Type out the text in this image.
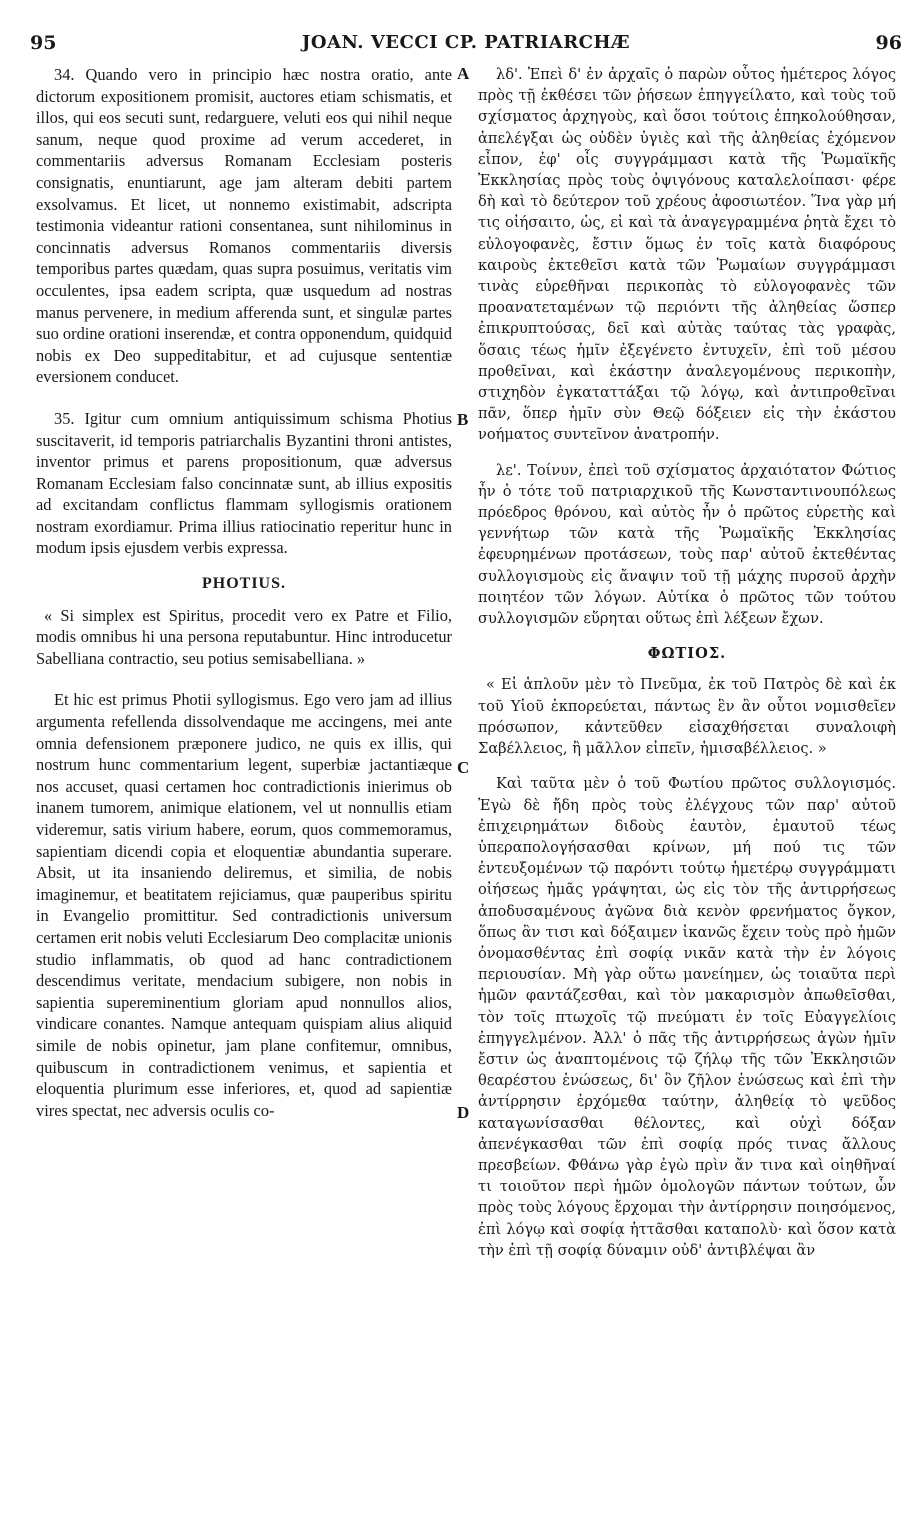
95	JOAN. VECCI CP. PATRIARCHÆ	96

34. Quando vero in principio hæc nostra oratio, ante dictorum expositionem promisit, auctores etiam schismatis, et illos, qui eos secuti sunt, redarguere, veluti eos qui nihil neque sanum, neque quod proxime ad verum accederet, in commentariis adversus Romanam Ecclesiam posteris consignatis, enuntiarunt, age jam alteram debiti partem exsolvamus. Et licet, ut nonnemo existimabit, adscripta testimonia videantur rationi consentanea, sunt nihilominus in concinnatis adversus Romanos commentariis diversis temporibus partes quædam, quas supra posuimus, veritatis vim occulentes, ipsa eadem scripta, quæ usquedum ad nostras manus pervenere, in medium afferenda sunt, et singulæ partes suo ordine orationi inserendæ, et contra opponendum, quidquid nobis ex Deo suppeditabitur, et ad cujusque sententiæ eversionem conducet.

35. Igitur cum omnium antiquissimum schisma Photius suscitaverit, id temporis patriarchalis Byzantini throni antistes, inventor primus et parens propositionum, quæ adversus Romanam Ecclesiam falso concinnatæ sunt, ab illius expositis ad excitandam conflictus flammam syllogismis orationem nostram exordiamur. Prima illius ratiocinatio reperitur hunc in modum ipsis ejusdem verbis expressa.

PHOTIUS.

« Si simplex est Spiritus, procedit vero ex Patre et Filio, modis omnibus hi una persona reputabuntur. Hinc introducetur Sabelliana contractio, seu potius semisabelliana. »

Et hic est primus Photii syllogismus. Ego vero jam ad illius argumenta refellenda dissolvendaque me accingens, mei ante omnia defensionem præponere judico, ne quis ex illis, qui nostrum hunc commentarium legent, superbiæ jactantiæque nos accuset, quasi certamen hoc contradictionis inierimus ob inanem tumorem, animique elationem, vel ut nonnullis etiam videremur, satis virium habere, eorum, quos commemoramus, sapientiam dicendi copia et eloquentiæ abundantia superare. Absit, ut ita insaniendo deliremus, et similia, de nobis imaginemur, et beatitatem rejiciamus, quæ pauperibus spiritu in Evangelio promittitur. Sed contradictionis universum certamen erit nobis veluti Ecclesiarum Deo complacitæ unionis studio inflammatis, ob quod ad hanc contradictionem descendimus veritate, mendacium subigere, non nobis in sapientia supereminentium gloriam apud nonnullos alios, vindicare conantes. Namque antequam quispiam alius aliquid simile de nobis opinetur, jam plane confitemur, omnibus, quibuscum in contradictionem venimus, et sapientia et eloquentia plurimum esse inferiores, et, quod ad sapientiæ vires spectat, nec adversis oculis co-

λδ'. Ἐπεὶ δ' ἐν ἀρχαῖς ὁ παρὼν οὗτος ἡμέτερος λόγος πρὸς τῇ ἐκθέσει τῶν ῥήσεων ἐπηγγείλατο, καὶ τοὺς τοῦ σχίσματος ἀρχηγοὺς, καὶ ὅσοι τούτοις ἐπηκολούθησαν, ἀπελέγξαι ὡς οὐδὲν ὑγιὲς καὶ τῆς ἀληθείας ἐχόμενον εἶπον, ἐφ' οἷς συγγράμμασι κατὰ τῆς Ῥωμαϊκῆς Ἐκκλησίας πρὸς τοὺς ὀψιγόνους καταλελοίπασι· φέρε δὴ καὶ τὸ δεύτερον τοῦ χρέους ἀφοσιωτέον. Ἵνα γὰρ μή τις οἰήσαιτο, ὡς, εἰ καὶ τὰ ἀναγεγραμμένα ῥητὰ ἔχει τὸ εὐλογοφανὲς, ἔστιν ὅμως ἐν τοῖς κατὰ διαφόρους καιροὺς ἐκτεθεῖσι κατὰ τῶν Ῥωμαίων συγγράμμασι τινὰς εὑρεθῆναι περικοπὰς τὸ εὐλογοφανὲς τῶν προανατεταμένων τῷ περιόντι τῆς ἀληθείας ὥσπερ ἐπικρυπτούσας, δεῖ καὶ αὐτὰς ταύτας τὰς γραφὰς, ὅσαις τέως ἡμῖν ἐξεγένετο ἐντυχεῖν, ἐπὶ τοῦ μέσου προθεῖναι, καὶ ἑκάστην ἀναλεγομένους περικοπὴν, στιχηδὸν ἐγκαταττάξαι τῷ λόγῳ, καὶ ἀντιπροθεῖναι πᾶν, ὅπερ ἡμῖν σὺν Θεῷ δόξειεν εἰς τὴν ἑκάστου νοήματος συντεῖνον ἀνατροπήν.

λε'. Τοίνυν, ἐπεὶ τοῦ σχίσματος ἀρχαιότατον Φώτιος ἦν ὁ τότε τοῦ πατριαρχικοῦ τῆς Κωνσταντινουπόλεως πρόεδρος θρόνου, καὶ αὐτὸς ἦν ὁ πρῶτος εὑρετὴς καὶ γεννήτωρ τῶν κατὰ τῆς Ῥωμαϊκῆς Ἐκκλησίας ἐφευρημένων προτάσεων, τοὺς παρ' αὐτοῦ ἐκτεθέντας συλλογισμοὺς εἰς ἄναψιν τοῦ τῇ μάχης πυρσοῦ ἀρχὴν ποιητέον τῶν λόγων. Αὐτίκα ὁ πρῶτος τῶν τούτου συλλογισμῶν εὕρηται οὕτως ἐπὶ λέξεων ἔχων.

ΦΩΤΙΟΣ.

« Εἰ ἁπλοῦν μὲν τὸ Πνεῦμα, ἐκ τοῦ Πατρὸς δὲ καὶ ἐκ τοῦ Υἱοῦ ἐκπορεύεται, πάντως ἓν ἂν οὗτοι νομισθεῖεν πρόσωπον, κἀντεῦθεν εἰσαχθήσεται συναλοιφὴ Σαβέλλειος, ἢ μᾶλλον εἰπεῖν, ἡμισαβέλλειος. »

Καὶ ταῦτα μὲν ὁ τοῦ Φωτίου πρῶτος συλλογισμός. Ἐγὼ δὲ ἤδη πρὸς τοὺς ἐλέγχους τῶν παρ' αὐτοῦ ἐπιχειρημάτων διδοὺς ἐαυτὸν, ἐμαυτοῦ τέως ὑπεραπολογήσασθαι κρίνων, μή πού τις τῶν ἐντευξομένων τῷ παρόντι τούτῳ ἡμετέρῳ συγγράμματι οἰήσεως ἡμᾶς γράψηται, ὡς εἰς τὸν τῆς ἀντιρρήσεως ἀποδυσαμένους ἀγῶνα διὰ κενὸν φρενήματος ὄγκον, ὅπως ἂν τισι καὶ δόξαιμεν ἱκανῶς ἔχειν τοὺς πρὸ ἡμῶν ὀνομασθέντας ἐπὶ σοφίᾳ νικᾶν κατὰ τὴν ἐν λόγοις περιουσίαν. Μὴ γὰρ οὕτω μανείημεν, ὡς τοιαῦτα περὶ ἡμῶν φαντάζεσθαι, καὶ τὸν μακαρισμὸν ἀπωθεῖσθαι, τὸν τοῖς πτωχοῖς τῷ πνεύματι ἐν τοῖς Εὐαγγελίοις ἐπηγγελμένον. Ἀλλ' ὁ πᾶς τῆς ἀντιρρήσεως ἀγὼν ἡμῖν ἔστιν ὡς ἀναπτομένοις τῷ ζήλῳ τῆς τῶν Ἐκκλησιῶν θεαρέστου ἑνώσεως, δι' ὃν ζῆλον ἑνώσεως καὶ ἐπὶ τὴν ἀντίρρησιν ἐρχόμεθα ταύτην, ἀληθείᾳ τὸ ψεῦδος καταγωνίσασθαι θέλοντες, καὶ οὐχὶ δόξαν ἀπενέγκασθαι τῶν ἐπὶ σοφίᾳ πρός τινας ἄλλους πρεσβείων. Φθάνω γὰρ ἐγὼ πρὶν ἄν τινα καὶ οἰηθῆναί τι τοιοῦτον περὶ ἡμῶν ὁμολογῶν πάντων τούτων, ὧν πρὸς τοὺς λόγους ἔρχομαι τὴν ἀντίρρησιν ποιησόμενος, ἐπὶ λόγῳ καὶ σοφίᾳ ἡττᾶσθαι καταπολὺ· καὶ ὅσον κατὰ τὴν ἐπὶ τῇ σοφίᾳ δύναμιν οὐδ' ἀντιβλέψαι ἂν

A
B
C
D
